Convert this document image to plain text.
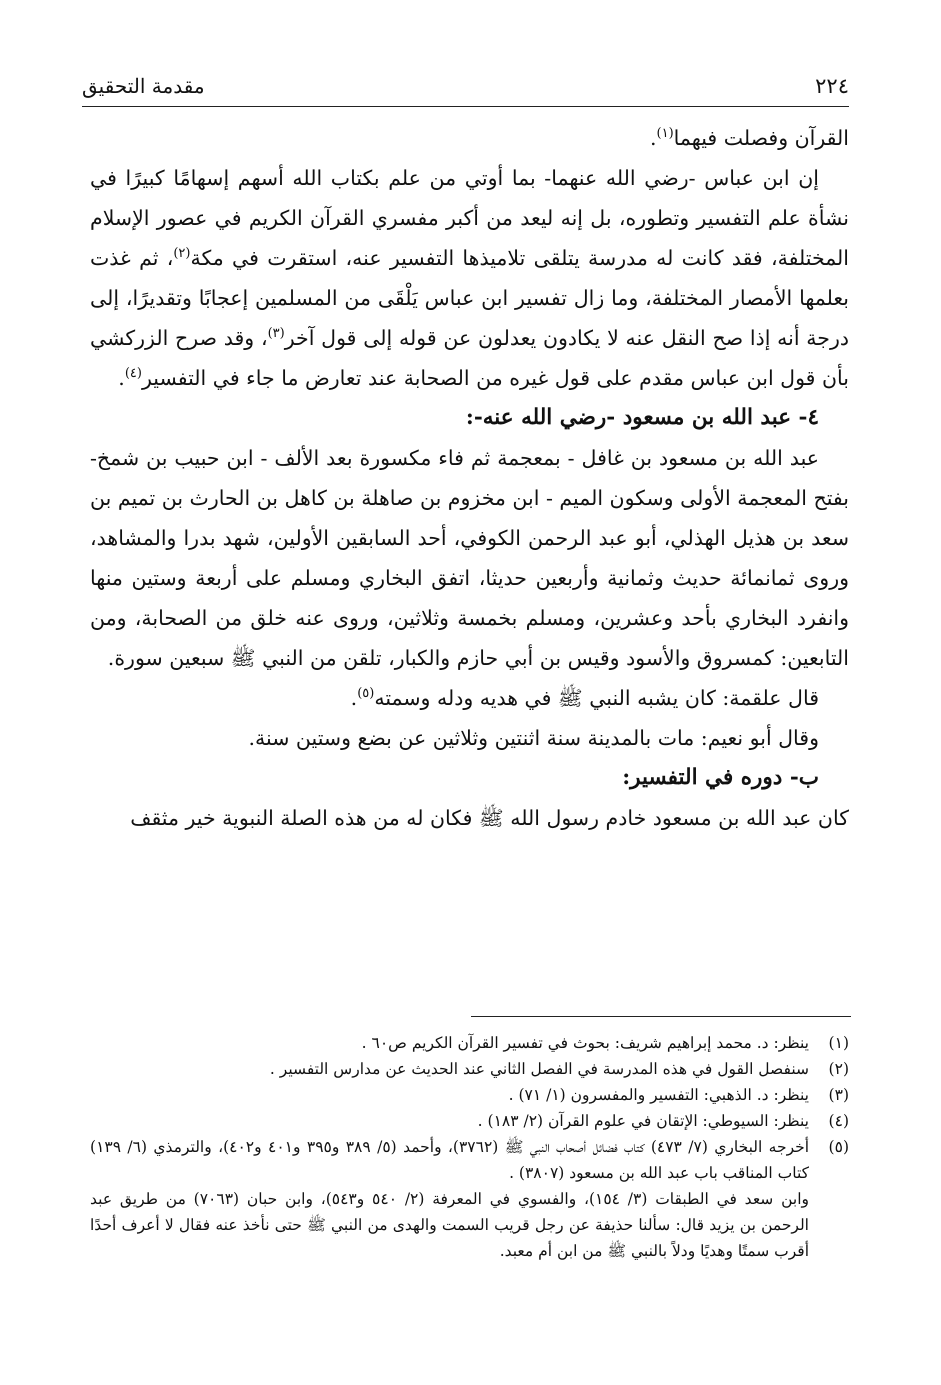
٢٢٤
مقدمة التحقيق

القرآن وفصلت فيهما$^{(١)}$.

إن ابن عباس -رضي الله عنهما- بما أوتي من علم بكتاب الله أسهم إسهامًا كبيرًا في نشأة علم التفسير وتطوره، بل إنه ليعد من أكبر مفسري القرآن الكريم في عصور الإسلام المختلفة، فقد كانت له مدرسة يتلقى تلاميذها التفسير عنه، استقرت في مكة$^{(٢)}$، ثم غذت بعلمها الأمصار المختلفة، وما زال تفسير ابن عباس يَلْقَى من المسلمين إعجابًا وتقديرًا، إلى درجة أنه إذا صح النقل عنه لا يكادون يعدلون عن قوله إلى قول آخر$^{(٣)}$، وقد صرح الزركشي بأن قول ابن عباس مقدم على قول غيره من الصحابة عند تعارض ما جاء في التفسير$^{(٤)}$.

٤- عبد الله بن مسعود -رضي الله عنه-:

عبد الله بن مسعود بن غافل - بمعجمة ثم فاء مكسورة بعد الألف - ابن حبيب بن شمخ- بفتح المعجمة الأولى وسكون الميم - ابن مخزوم بن صاهلة بن كاهل بن الحارث بن تميم بن سعد بن هذيل الهذلي، أبو عبد الرحمن الكوفي، أحد السابقين الأولين، شهد بدرا والمشاهد، وروى ثمانمائة حديث وثمانية وأربعين حديثا، اتفق البخاري ومسلم على أربعة وستين منها وانفرد البخاري بأحد وعشرين، ومسلم بخمسة وثلاثين، وروى عنه خلق من الصحابة، ومن التابعين: كمسروق والأسود وقيس بن أبي حازم والكبار، تلقن من النبي ﷺ سبعين سورة.

قال علقمة: كان يشبه النبي ﷺ في هديه ودله وسمته$^{(٥)}$.

وقال أبو نعيم: مات بالمدينة سنة اثنتين وثلاثين عن بضع وستين سنة.

ب- دوره في التفسير:

كان عبد الله بن مسعود خادم رسول الله ﷺ فكان له من هذه الصلة النبوية خير مثقف

(١)
ينظر: د. محمد إبراهيم شريف: بحوث في تفسير القرآن الكريم ص٦٠ .
(٢)
سنفصل القول في هذه المدرسة في الفصل الثاني عند الحديث عن مدارس التفسير .
(٣)
ينظر: د. الذهبي: التفسير والمفسرون (١/ ٧١) .
(٤)
ينظر: السيوطي: الإتقان في علوم القرآن (٢/ ١٨٣) .
(٥)
أخرجه البخاري (٧/ ٤٧٣) كتاب فضائل أصحاب النبي ﷺ (٣٧٦٢)، وأحمد (٥/ ٣٨٩ و٣٩٥ و٤٠١ و٤٠٢)، والترمذي (٦/ ١٣٩) كتاب المناقب باب عبد الله بن مسعود (٣٨٠٧) .
وابن سعد في الطبقات (٣/ ١٥٤)، والفسوي في المعرفة (٢/ ٥٤٠ و٥٤٣)، وابن حبان (٧٠٦٣) من طريق عبد الرحمن بن يزيد قال: سألنا حذيفة عن رجل قريب السمت والهدى من النبي ﷺ حتى نأخذ عنه فقال لا أعرف أحدًا أقرب سمتًا وهديًا ودلاً بالنبي ﷺ من ابن أم معبد.
